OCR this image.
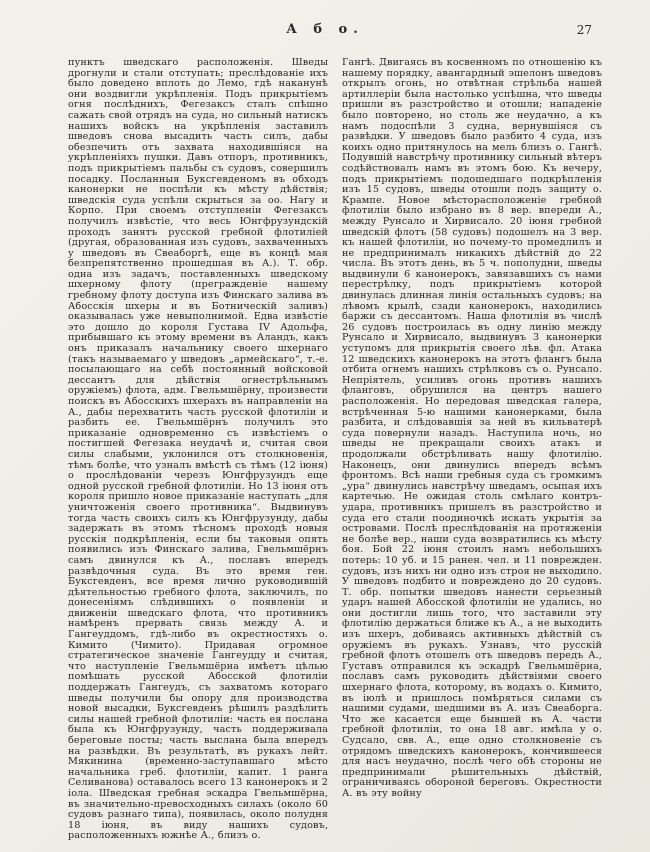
А б о.	27
пунктъ шведскаго расположенія. Шведы дрогнули и стали отступать; преслѣдованіе ихъ было доведено вплоть до Лемо, гдѣ наканунѣ они воздвигли укрѣпленія. Подъ прикрытіемъ огня послѣднихъ, Фегезаксъ сталъ спѣшно сажать свой отрядъ на суда, но сильный натискъ нашихъ войскъ на укрѣпленія заставилъ шведовъ снова высадить часть силъ, дабы обезпечить отъ захвата находившіяся на укрѣпленіяхъ пушки. Давъ отпоръ, противникъ, подъ прикрытіемъ пальбы съ судовъ, совершилъ посадку. Посланныя Буксгевденомъ въ обходъ канонерки не поспѣли къ мѣсту дѣйствія; шведскія суда успѣли скрыться за оо. Нагу и Корпо. При своемъ отступленіи Фегезаксъ получилъ извѣстіе, что весь Юнгфрузундскій проходъ занятъ русской гребной флотиліей (другая, образованная изъ судовъ, захваченныхъ у шведовъ въ Свеаборгѣ, еще въ концѣ мая безпрепятственно прошедшая въ А.). Т. обр. одна изъ задачъ, поставленныхъ шведскому шхерному флоту (прегражденіе нашему гребному флоту доступа изъ Финскаго залива въ Абосскія шхеры и въ Ботническій заливъ) оказывалась уже невыполнимой. Едва извѣстіе это дошло до короля Густава IV Адольфа, прибывшаго къ этому времени въ Аландъ, какъ онъ приказалъ начальнику своего шхернаго (такъ называемаго у шведовъ „армейскаго“, т.-е. посылающаго на себѣ постоянный войсковой дессантъ для дѣйствія огнестрѣльнымъ оружіемъ) флота, адм. Гвельмшёрну, произвести поискъ въ Абосскихъ шхерахъ въ направленіи на А., дабы перехватить часть русской флотиліи и разбить ее. Гвельмшёрнъ получилъ это приказаніе одновременно съ извѣстіемъ о постигшей Фегезака неудачѣ и, считая свои силы слабыми, уклонился отъ столкновенія, тѣмъ болѣе, что узналъ вмѣстѣ съ тѣмъ (12 іюня) о прослѣдованіи черезъ Юнгфрузундъ еще одной русской гребной флотиліи. Но 13 іюня отъ короля пришло новое приказаніе наступать „для уничтоженія своего противника“. Выдвинувъ тогда часть своихъ силъ къ Юнгфрузунду, дабы задержать въ этомъ тѣсномъ проходѣ новыя русскія подкрѣпленія, если бы таковыя опять появились изъ Финскаго залива, Гвельмшёрнъ самъ двинулся къ А., пославъ впередъ развѣдочныя суда. Въ это время ген. Буксгевденъ, все время лично руководившій дѣятельностью гребного флота, заключилъ, по донесеніямъ слѣдившихъ о появленіи и движеніи шведскаго флота, что противникъ намѣренъ прервать связь между А. и Гангеуддомъ, гдѣ-либо въ окрестностяхъ о. Кимито (Чимито). Придавая огромное стратегическое значеніе Гангеудду и считая, что наступленіе Гвельмшёрна имѣетъ цѣлью помѣшать русской Абосской флотиліи поддержать Гангеудъ, съ захватомъ котораго шведы получили бы опору для производства новой высадки, Буксгевденъ рѣшилъ раздѣлить силы нашей гребной флотиліи: часть ея послана была къ Юнгфрузунду, часть поддерживала береговые посты; часть выслана была впередъ на развѣдки. Въ результатѣ, въ рукахъ лейт. Мякинина (временно-заступавшаго мѣсто начальника греб. флотиліи, капит. 1 ранга Селиванова) оставалось всего 13 канонерокъ и 2 іола. Шведская гребная эскадра Гвельмшёрна, въ значительно-превосходныхъ силахъ (около 60 судовъ разнаго типа), появилась, около полудня 18 іюня, въ виду нашихъ судовъ, расположенныхъ южнѣе А., близъ о.
Гангѣ. Двигаясь въ косвенномъ по отношенію къ нашему порядку, авангардный эшелонъ шведовъ открылъ огонь, но отвѣтная стрѣльба нашей артиллеріи была настолько успѣшна, что шведы пришли въ разстройство и отошли; нападеніе было повторено, но столь же неудачно, а къ намъ подоспѣли 3 судна, вернувшіяся съ развѣдки. У шведовъ было разбито 4 суда, изъ коихъ одно притянулось на мель близъ о. Гангѣ. Подувшій навстрѣчу противнику сильный вѣтеръ содѣйствовалъ намъ въ этомъ бою. Къ вечеру, подъ прикрытіемъ подошедшаго подкрѣпленія изъ 15 судовъ, шведы отошли подъ защиту о. Крампе. Новое мѣсторасположеніе гребной флотиліи было избрано въ 8 вер. впереди А., между Рунсало и Хирвисало. 20 іюня гребной шведскій флотъ (58 судовъ) подошелъ на 3 вер. къ нашей флотиліи, но почему-то промедлилъ и не предпринималъ никакихъ дѣйствій до 22 числа. Въ этотъ день, въ 5 ч. пополудни, шведы выдвинули 6 канонерокъ, завязавшихъ съ нами перестрѣлку, подъ прикрытіемъ которой двинулась длинная линія остальныхъ судовъ; на лѣвомъ крылѣ, сзади канонерокъ, находились баржи съ дессантомъ. Наша флотилія въ числѣ 26 судовъ построилась въ одну линію между Рунсало и Хирвисало, выдвинувъ 3 канонерки уступомъ для прикрытія своего лѣв. фл. Атака 12 шведскихъ канонерокъ на этотъ флангъ была отбита огнемъ нашихъ стрѣлковъ съ о. Рунсало. Непріятель, усиливъ огонь противъ нашихъ фланговъ, обрушился на центръ нашего расположенія. Но передовая шведская галера, встрѣченная 5-ю нашими канонерками, была разбита, и слѣдовавшія за ней въ кильватерѣ суда повернули назадъ. Наступила ночь, но шведы не прекращали своихъ атакъ и продолжали обстрѣливать нашу флотилію. Наконецъ, они двинулись впередъ всѣмъ фронтомъ. Всѣ наши гребныя суда съ громкимъ „ура“ двинулись навстрѣчу шведамъ, осыпая ихъ картечью. Не ожидая столь смѣлаго контръ-удара, противникъ пришелъ въ разстройство и суда его стали поодиночкѣ искать укрытія за островами. Послѣ преслѣдованія на протяженіи не болѣе вер., наши суда возвратились къ мѣсту боя. Бой 22 іюня стоилъ намъ небольшихъ потерь: 10 уб. и 15 ранен. чел. и 11 поврежден. судовъ, изъ нихъ ни одно изъ строя не выходило. У шведовъ подбито и повреждено до 20 судовъ. Т. обр. попытки шведовъ нанести серьезный ударъ нашей Абосской флотиліи не удались, но они достигли лишь того, что заставили эту флотилію держаться ближе къ А., а не выходить изъ шхеръ, добиваясь активныхъ дѣйствій съ оружіемъ въ рукахъ. Узнавъ, что русскій гребной флотъ отошелъ отъ шведовъ передъ А., Густавъ отправился къ эскадрѣ Гвельмшёрна, пославъ самъ руководить дѣйствіями своего шхернаго флота, которому, въ водахъ о. Кимито, въ іюлѣ и пришлось помѣряться силами съ нашими судами, шедшими въ А. изъ Свеаборга. Что же касается еще бывшей въ А. части гребной флотиліи, то она 18 авг. имѣла у о. Судсало, свв. А., еще одно столкновеніе съ отрядомъ шведскихъ канонерокъ, кончившееся для насъ неудачно, послѣ чего обѣ стороны не предпринимали рѣшительныхъ дѣйствій, ограничиваясь обороной береговъ. Окрестности А. въ эту войну
